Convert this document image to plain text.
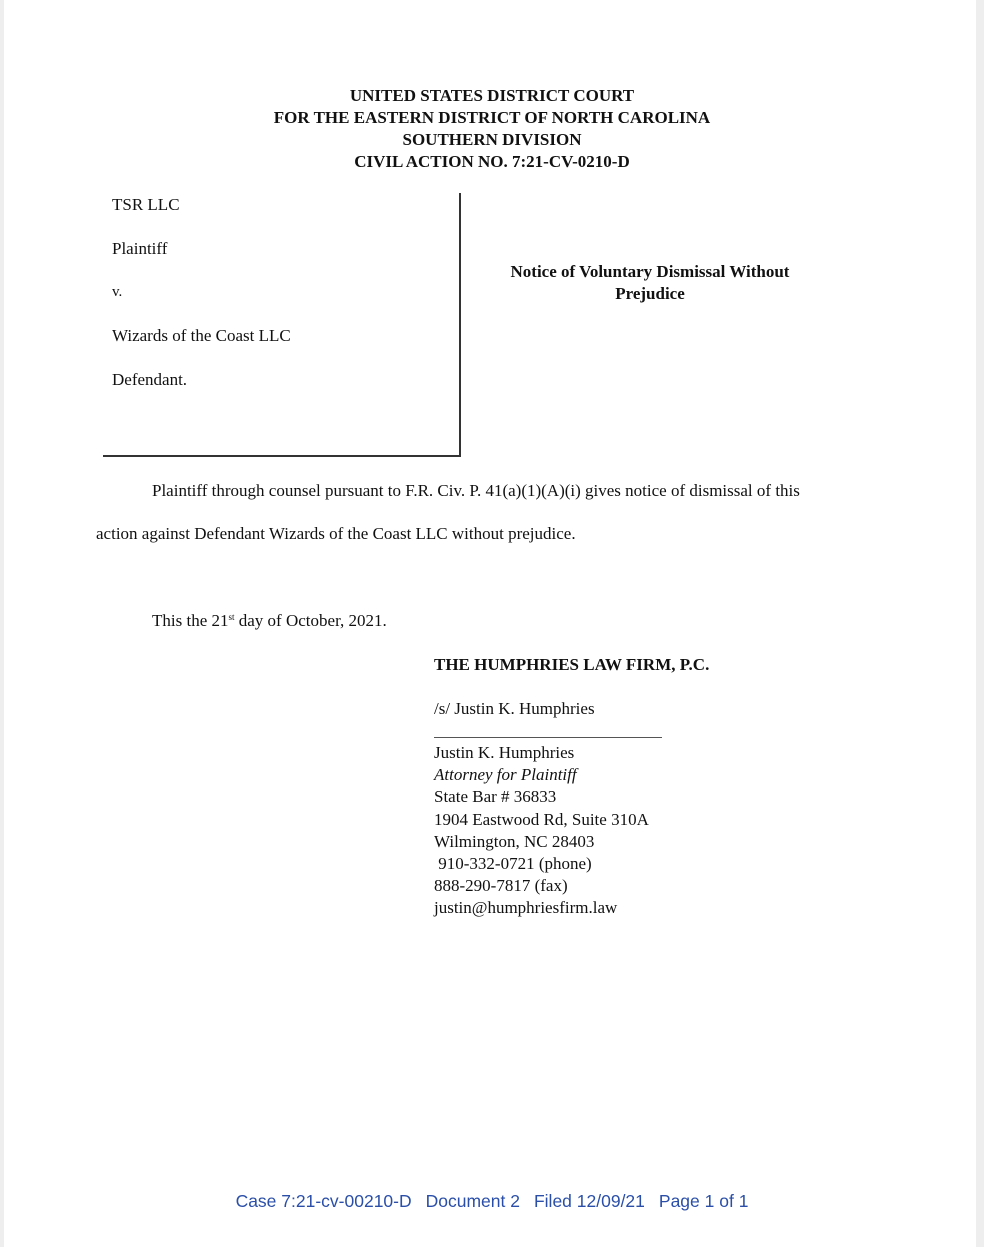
UNITED STATES DISTRICT COURT
FOR THE EASTERN DISTRICT OF NORTH CAROLINA
SOUTHERN DIVISION
CIVIL ACTION NO. 7:21-CV-0210-D
TSR LLC
Plaintiff
v.
Wizards of the Coast LLC
Defendant.
Notice of Voluntary Dismissal Without
Prejudice
Plaintiff through counsel pursuant to F.R. Civ. P. 41(a)(1)(A)(i) gives notice of dismissal of this
action against Defendant Wizards of the Coast LLC without prejudice.
This the 21st day of October, 2021.
THE HUMPHRIES LAW FIRM, P.C.
/s/ Justin K. Humphries
Justin K. Humphries
Attorney for Plaintiff
State Bar # 36833
1904 Eastwood Rd, Suite 310A
Wilmington, NC 28403
910-332-0721 (phone)
888-290-7817 (fax)
justin@humphriesfirm.law
Case 7:21-cv-00210-D Document 2 Filed 12/09/21 Page 1 of 1
